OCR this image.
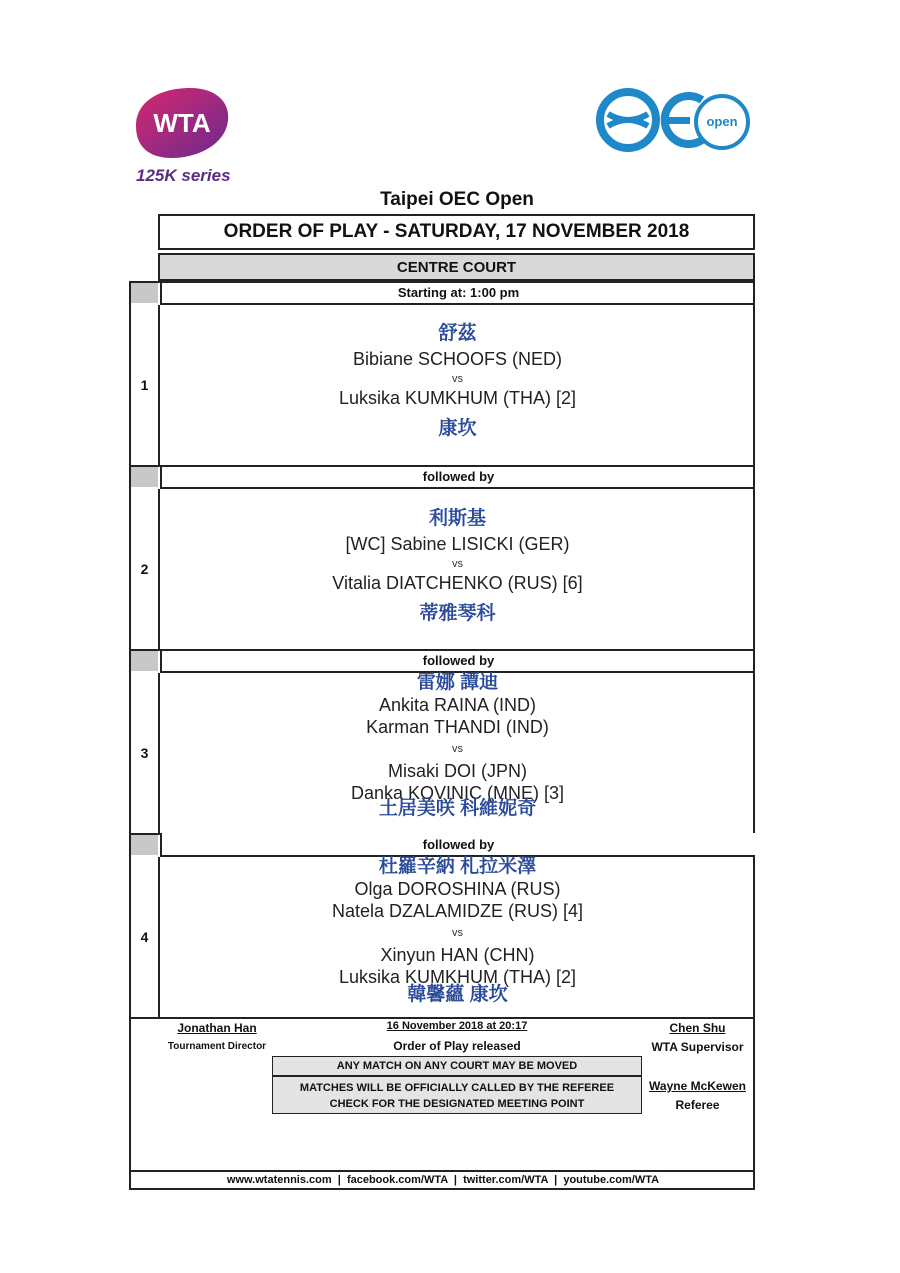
WTA
125K series
open
Taipei OEC Open
ORDER OF PLAY - SATURDAY, 17 NOVEMBER 2018
CENTRE COURT
Starting at: 1:00 pm
1
舒茲
Bibiane SCHOOFS (NED)
vs
Luksika KUMKHUM (THA) [2]
康坎
followed by
2
利斯基
[WC] Sabine LISICKI (GER)
vs
Vitalia DIATCHENKO (RUS) [6]
蒂雅琴科
followed by
3
雷娜 譚迪
Ankita RAINA (IND)
Karman THANDI (IND)
vs
Misaki DOI (JPN)
Danka KOVINIC (MNE) [3]
土居美咲 科維妮奇
followed by
4
杜羅辛納 札拉米澤
Olga DOROSHINA (RUS)
Natela DZALAMIDZE (RUS) [4]
vs
Xinyun HAN (CHN)
Luksika KUMKHUM (THA) [2]
韓馨蘊 康坎
Jonathan Han
Tournament Director
16 November 2018 at 20:17
Order of Play released
Chen Shu
WTA Supervisor
ANY MATCH ON ANY COURT MAY BE MOVED
MATCHES WILL BE OFFICIALLY CALLED BY THE REFEREE
CHECK FOR THE DESIGNATED MEETING POINT
Wayne McKewen
Referee
www.wtatennis.com  |  facebook.com/WTA  |  twitter.com/WTA  |  youtube.com/WTA
